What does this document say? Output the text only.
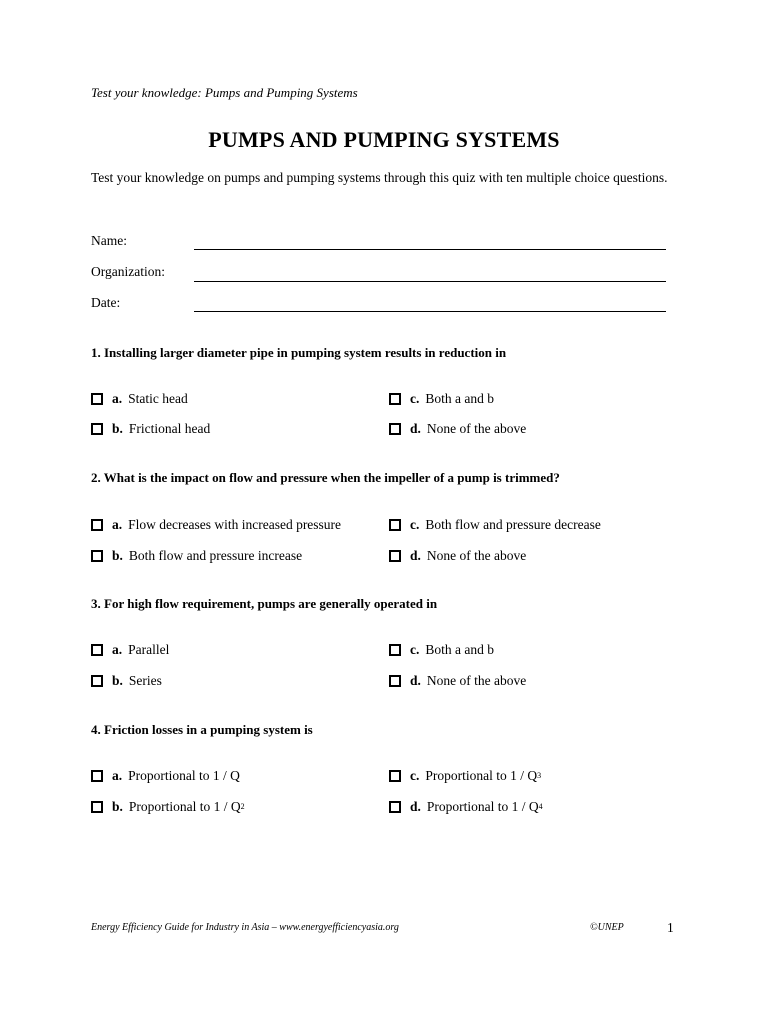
Test your knowledge: Pumps and Pumping Systems
PUMPS AND PUMPING SYSTEMS
Test your knowledge on pumps and pumping systems through this quiz with ten multiple choice questions.
Name:
Organization:
Date:
1. Installing larger diameter pipe in pumping system results in reduction in
a. Static head
b. Frictional head
c. Both a and b
d. None of the above
2. What is the impact on flow and pressure when the impeller of a pump is trimmed?
a. Flow decreases with increased pressure
b. Both flow and pressure increase
c. Both flow and pressure decrease
d. None of the above
3. For high flow requirement, pumps are generally operated in
a. Parallel
b. Series
c. Both a and b
d. None of the above
4. Friction losses in a pumping system is
a. Proportional to 1 / Q
b. Proportional to 1 / Q 2
c. Proportional to 1 / Q 3
d. Proportional to 1 / Q 4
Energy Efficiency Guide for Industry in Asia – www.energyefficiencyasia.org	©UNEP	1
